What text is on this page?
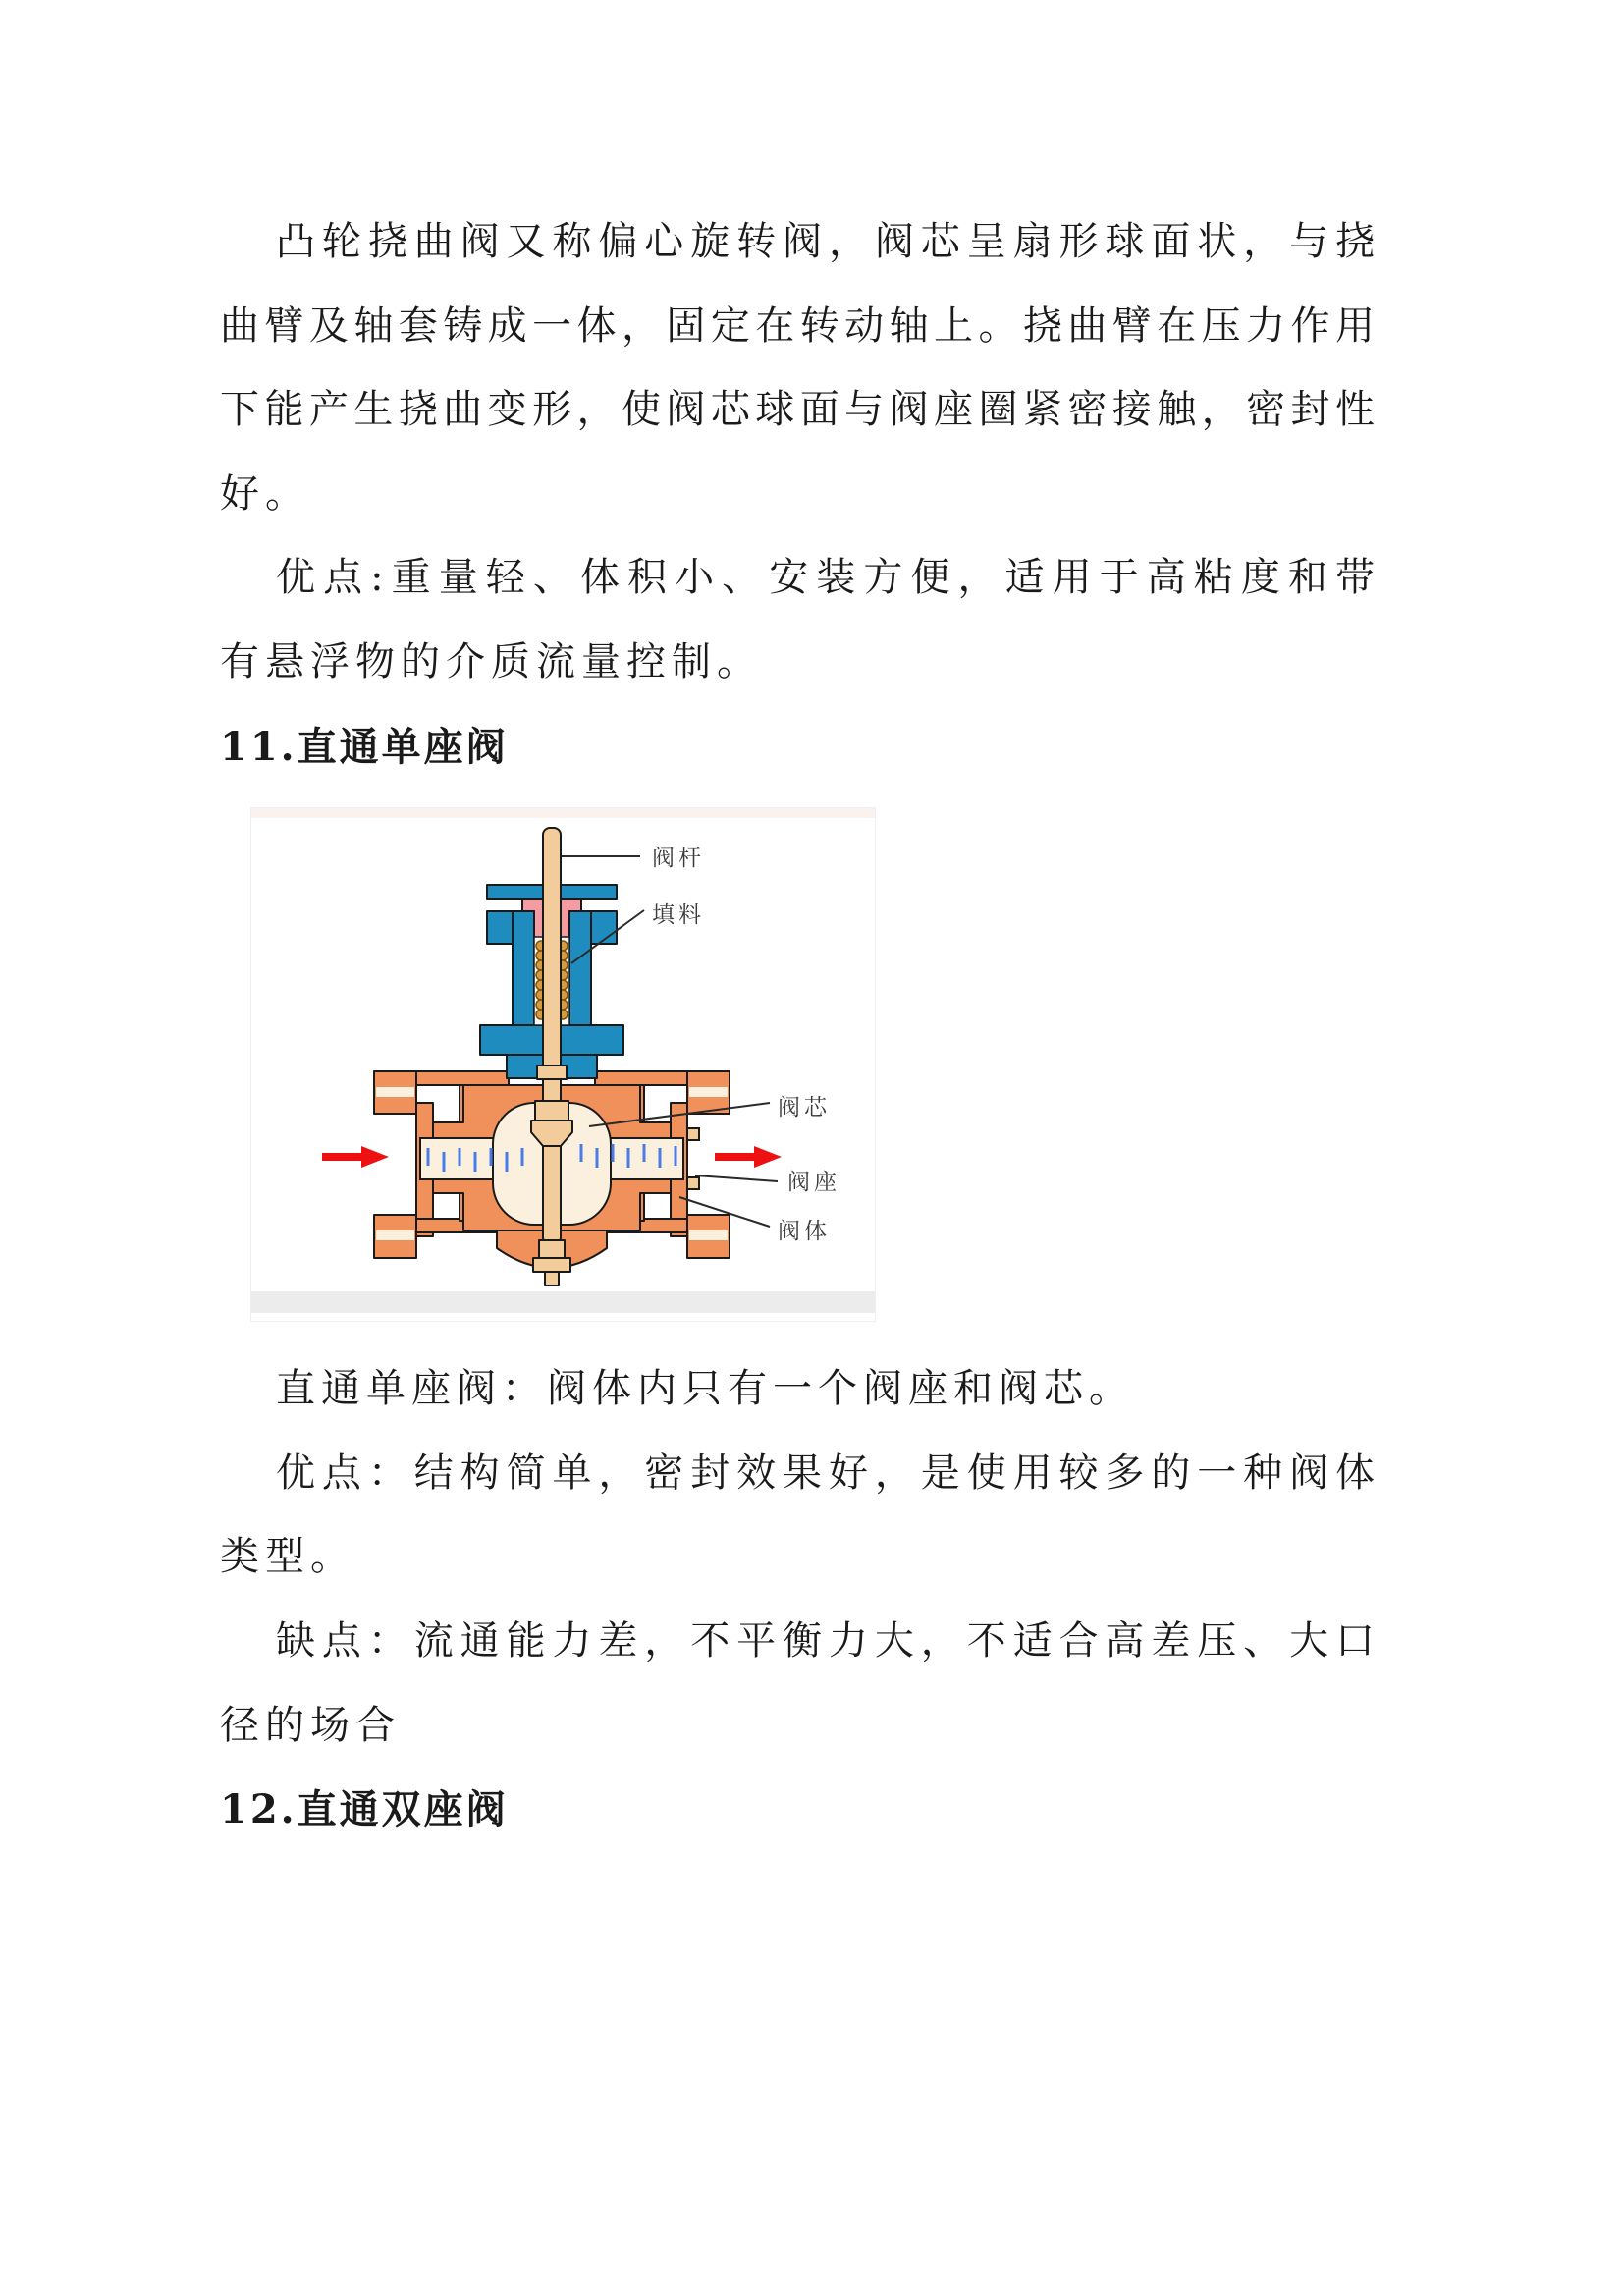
凸轮挠曲阀又称偏心旋转阀，阀芯呈扇形球面状，与挠
曲臂及轴套铸成一体，固定在转动轴上。挠曲臂在压力作用
下能产生挠曲变形，使阀芯球面与阀座圈紧密接触，密封性
好。
优点:重量轻、体积小、安装方便，适用于高粘度和带
有悬浮物的介质流量控制。
11.直通单座阀
阀杆
填料
阀芯
阀座
阀体
直通单座阀：阀体内只有一个阀座和阀芯。
优点：结构简单，密封效果好，是使用较多的一种阀体
类型。
缺点：流通能力差，不平衡力大，不适合高差压、大口
径的场合
12.直通双座阀
